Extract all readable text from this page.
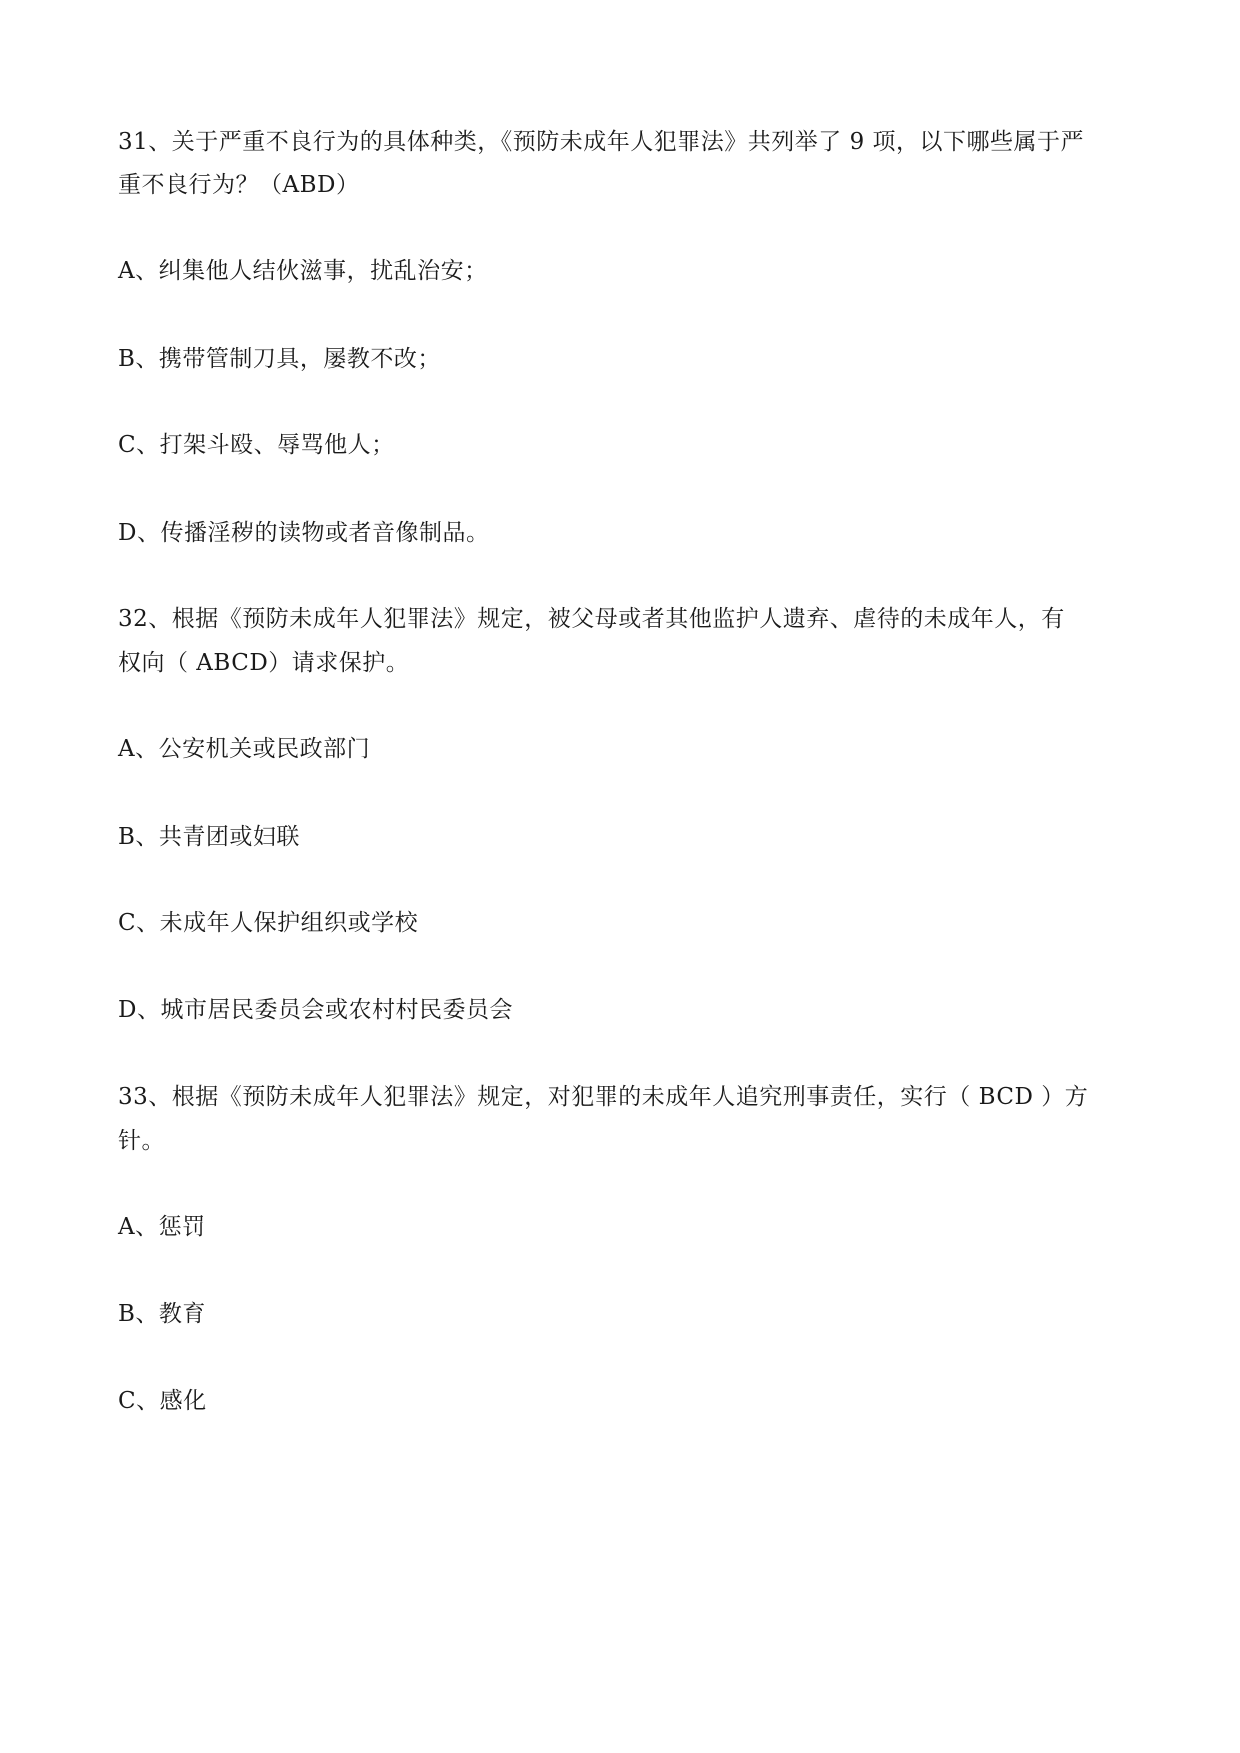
31、关于严重不良行为的具体种类，《预防未成年人犯罪法》共列举了 9 项，以下哪些属于严
重不良行为？（ABD）
A、纠集他人结伙滋事，扰乱治安；
B、携带管制刀具，屡教不改；
C、打架斗殴、辱骂他人；
D、传播淫秽的读物或者音像制品。
32、根据《预防未成年人犯罪法》规定，被父母或者其他监护人遗弃、虐待的未成年人，有
权向（ ABCD）请求保护。
A、公安机关或民政部门
B、共青团或妇联
C、未成年人保护组织或学校
D、城市居民委员会或农村村民委员会
33、根据《预防未成年人犯罪法》规定，对犯罪的未成年人追究刑事责任，实行（ BCD ）方
针。
A、惩罚
B、教育
C、感化
